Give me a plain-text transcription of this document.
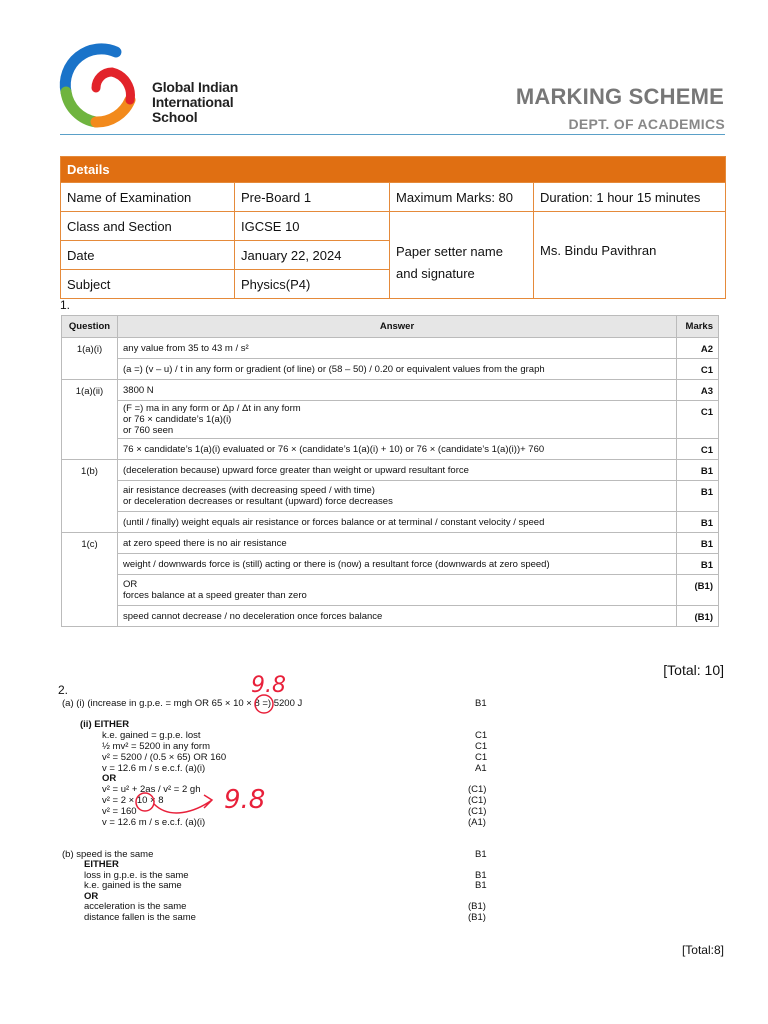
Global Indian
International
School
MARKING SCHEME
DEPT. OF ACADEMICS
Details			
Name of Examination	Pre-Board 1	Maximum Marks: 80	Duration: 1 hour 15 minutes
Class and Section	IGCSE 10	Paper setter name
and signature	Ms. Bindu Pavithran

Date	January 22, 2024		
Subject	Physics(P4)		
1.
Question	Answer	Marks
1(a)(i)	any value from 35 to 43 m / s²	A2
	(a =) (v – u) / t in any form or gradient (of line) or (58 – 50) / 0.20 or equivalent values from the graph	C1
1(a)(ii)	3800 N	A3
	(F =) ma in any form or Δp / Δt in any form
or 76 × candidate’s 1(a)(i)
or 760 seen	C1
	76 × candidate’s 1(a)(i) evaluated or 76 × (candidate’s 1(a)(i) + 10) or 76 × (candidate’s 1(a)(i))+ 760	C1
1(b)	(deceleration because) upward force greater than weight or upward resultant force	B1
	air resistance decreases (with decreasing speed / with time)
or deceleration decreases or resultant (upward) force decreases	B1
	(until / finally) weight equals air resistance or forces balance or at terminal / constant velocity / speed	B1
1(c)	at zero speed there is no air resistance	B1
	weight / downwards force is (still) acting or there is (now) a resultant force (downwards at zero speed)	B1
	OR
forces balance at a speed greater than zero	(B1)
	speed cannot decrease / no deceleration once forces balance	(B1)
[Total: 10]
2.
(a) (i) (increase in g.p.e. = mgh OR 65 × 10 × 8 =) 5200 J	B1
(ii) EITHER
k.e. gained = g.p.e. lost	C1
½ mv² = 5200 in any form	C1
v² = 5200 / (0.5 × 65) OR 160	C1
v = 12.6 m / s e.c.f. (a)(i)	A1
OR
v² = u² + 2as / v² = 2 gh	(C1)
v² = 2 × 10 × 8	(C1)
v² = 160	(C1)
v = 12.6 m / s e.c.f. (a)(i)	(A1)
(b) speed is the same	B1
EITHER
loss in g.p.e. is the same	B1
k.e. gained is the same	B1
OR
acceleration is the same	(B1)
distance fallen is the same	(B1)
[Total:8]
9.8
9.8
